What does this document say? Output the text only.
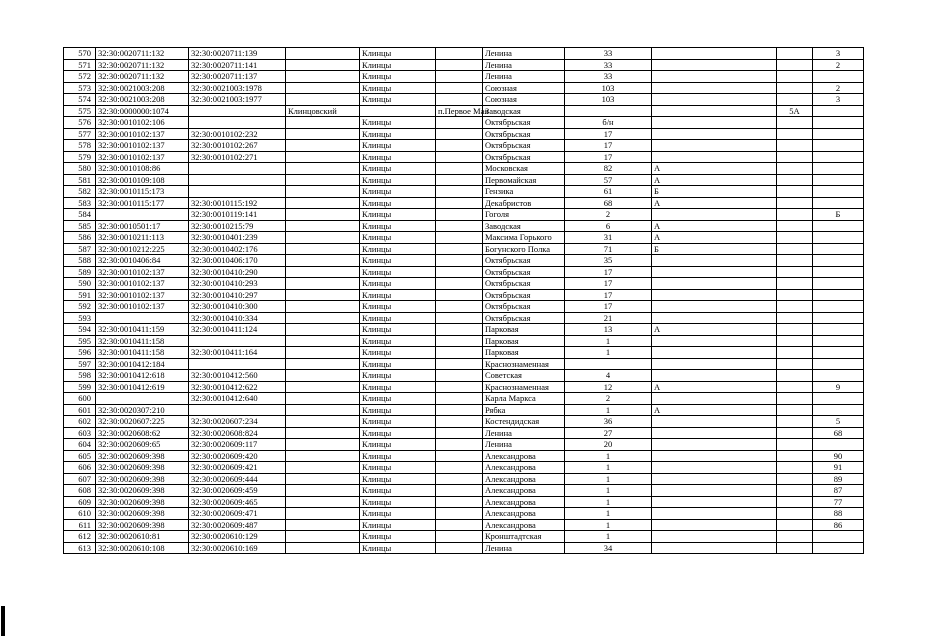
570	32:30:0020711:132	32:30:0020711:139		Клинцы		Ленина	33			3
571	32:30:0020711:132	32:30:0020711:141		Клинцы		Ленина	33			2
572	32:30:0020711:132	32:30:0020711:137		Клинцы		Ленина	33			
573	32:30:0021003:208	32:30:0021003:1978		Клинцы		Союзная	103			2
574	32:30:0021003:208	32:30:0021003:1977		Клинцы		Союзная	103			3
575	32:30:0000000:1074		Клинцовский		п.Первое Мая	Заводская			5А	
576	32:30:0010102:106			Клинцы		Октябрьская	б/н			
577	32:30:0010102:137	32:30:0010102:232		Клинцы		Октябрьская	17			
578	32:30:0010102:137	32:30:0010102:267		Клинцы		Октябрьская	17			
579	32:30:0010102:137	32:30:0010102:271		Клинцы		Октябрьская	17			
580	32:30:0010108:86			Клинцы		Московская	82	А		
581	32:30:0010109:108			Клинцы		Первомайская	57	А		
582	32:30:0010115:173			Клинцы		Гензика	61	Б		
583	32:30:0010115:177	32:30:0010115:192		Клинцы		Декабристов	68	А		
584		32:30:0010119:141		Клинцы		Гоголя	2			Б
585	32:30:0010501:17	32:30:0010215:79		Клинцы		Заводская	6	А		
586	32:30:0010211:113	32:30:0010401:239		Клинцы		Максима Горького	31	А		
587	32:30:0010212:225	32:30:0010402:176		Клинцы		Богунского Полка	71	Б		
588	32:30:0010406:84	32:30:0010406:170		Клинцы		Октябрьская	35			
589	32:30:0010102:137	32:30:0010410:290		Клинцы		Октябрьская	17			
590	32:30:0010102:137	32:30:0010410:293		Клинцы		Октябрьская	17			
591	32:30:0010102:137	32:30:0010410:297		Клинцы		Октябрьская	17			
592	32:30:0010102:137	32:30:0010410:300		Клинцы		Октябрьская	17			
593		32:30:0010410:334		Клинцы		Октябрьская	21			
594	32:30:0010411:159	32:30:0010411:124		Клинцы		Парковая	13	А		
595	32:30:0010411:158			Клинцы		Парковая	1			
596	32:30:0010411:158	32:30:0010411:164		Клинцы		Парковая	1			
597	32:30:0010412:184			Клинцы		Краснознаменная				
598	32:30:0010412:618	32:30:0010412:560		Клинцы		Советская	4			
599	32:30:0010412:619	32:30:0010412:622		Клинцы		Краснознаменная	12	А		9
600		32:30:0010412:640		Клинцы		Карла Маркса	2			
601	32:30:0020307:210			Клинцы		Рябка	1	А		
602	32:30:0020607:225	32:30:0020607:234		Клинцы		Костендидская	36			5
603	32:30:0020608:62	32:30:0020608:824		Клинцы		Ленина	27			68
604	32:30:0020609:65	32:30:0020609:117		Клинцы		Ленина	20			
605	32:30:0020609:398	32:30:0020609:420		Клинцы		Александрова	1			90
606	32:30:0020609:398	32:30:0020609:421		Клинцы		Александрова	1			91
607	32:30:0020609:398	32:30:0020609:444		Клинцы		Александрова	1			89
608	32:30:0020609:398	32:30:0020609:459		Клинцы		Александрова	1			87
609	32:30:0020609:398	32:30:0020609:465		Клинцы		Александрова	1			77
610	32:30:0020609:398	32:30:0020609:471		Клинцы		Александрова	1			88
611	32:30:0020609:398	32:30:0020609:487		Клинцы		Александрова	1			86
612	32:30:0020610:81	32:30:0020610:129		Клинцы		Кронштадтская	1			
613	32:30:0020610:108	32:30:0020610:169		Клинцы		Ленина	34			
